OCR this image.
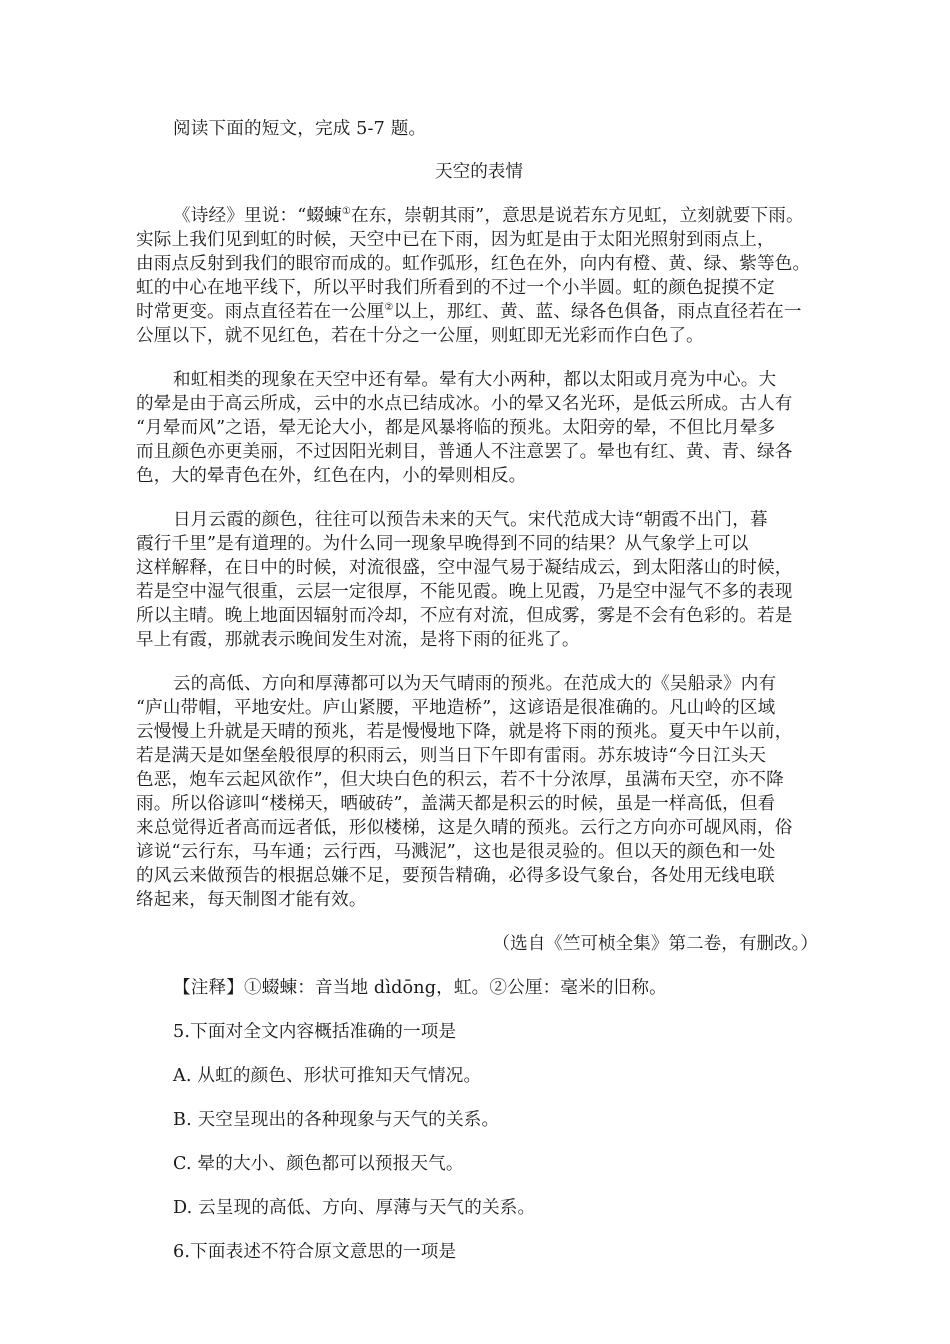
阅读下面的短文，完成 5-7 题。
天空的表情
《诗经》里说：“蝃蝀①在东，崇朝其雨”，意思是说若东方见虹，立刻就要下雨。
实际上我们见到虹的时候，天空中已在下雨，因为虹是由于太阳光照射到雨点上，
由雨点反射到我们的眼帘而成的。虹作弧形，红色在外，向内有橙、黄、绿、紫等色。
虹的中心在地平线下，所以平时我们所看到的不过一个小半圆。虹的颜色捉摸不定
时常更变。雨点直径若在一公厘②以上，那红、黄、蓝、绿各色俱备，雨点直径若在一
公厘以下，就不见红色，若在十分之一公厘，则虹即无光彩而作白色了。
和虹相类的现象在天空中还有晕。晕有大小两种，都以太阳或月亮为中心。大
的晕是由于高云所成，云中的水点已结成冰。小的晕又名光环，是低云所成。古人有
“月晕而风”之语，晕无论大小，都是风暴将临的预兆。太阳旁的晕，不但比月晕多
而且颜色亦更美丽，不过因阳光刺目，普通人不注意罢了。晕也有红、黄、青、绿各
色，大的晕青色在外，红色在内，小的晕则相反。
日月云霞的颜色，往往可以预告未来的天气。宋代范成大诗“朝霞不出门，暮
霞行千里”是有道理的。为什么同一现象早晚得到不同的结果？从气象学上可以
这样解释，在日中的时候，对流很盛，空中湿气易于凝结成云，到太阳落山的时候，
若是空中湿气很重，云层一定很厚，不能见霞。晚上见霞，乃是空中湿气不多的表现
所以主晴。晚上地面因辐射而冷却，不应有对流，但成雾，雾是不会有色彩的。若是
早上有霞，那就表示晚间发生对流，是将下雨的征兆了。
云的高低、方向和厚薄都可以为天气晴雨的预兆。在范成大的《吴船录》内有
“庐山带帽，平地安灶。庐山紧腰，平地造桥”，这谚语是很准确的。凡山岭的区域
云慢慢上升就是天晴的预兆，若是慢慢地下降，就是将下雨的预兆。夏天中午以前，
若是满天是如堡垒般很厚的积雨云，则当日下午即有雷雨。苏东坡诗“今日江头天
色恶，炮车云起风欲作”，但大块白色的积云，若不十分浓厚，虽满布天空，亦不降
雨。所以俗谚叫“楼梯天，晒破砖”，盖满天都是积云的时候，虽是一样高低，但看
来总觉得近者高而远者低，形似楼梯，这是久晴的预兆。云行之方向亦可觇风雨，俗
谚说“云行东，马车通；云行西，马溅泥”，这也是很灵验的。但以天的颜色和一处
的风云来做预告的根据总嫌不足，要预告精确，必得多设气象台，各处用无线电联
络起来，每天制图才能有效。
（选自《竺可桢全集》第二卷，有删改。）
【注释】①蝃蝀：音当地 dìdōng，虹。②公厘：毫米的旧称。
5.下面对全文内容概括准确的一项是
A. 从虹的颜色、形状可推知天气情况。
B. 天空呈现出的各种现象与天气的关系。
C. 晕的大小、颜色都可以预报天气。
D. 云呈现的高低、方向、厚薄与天气的关系。
6.下面表述不符合原文意思的一项是
